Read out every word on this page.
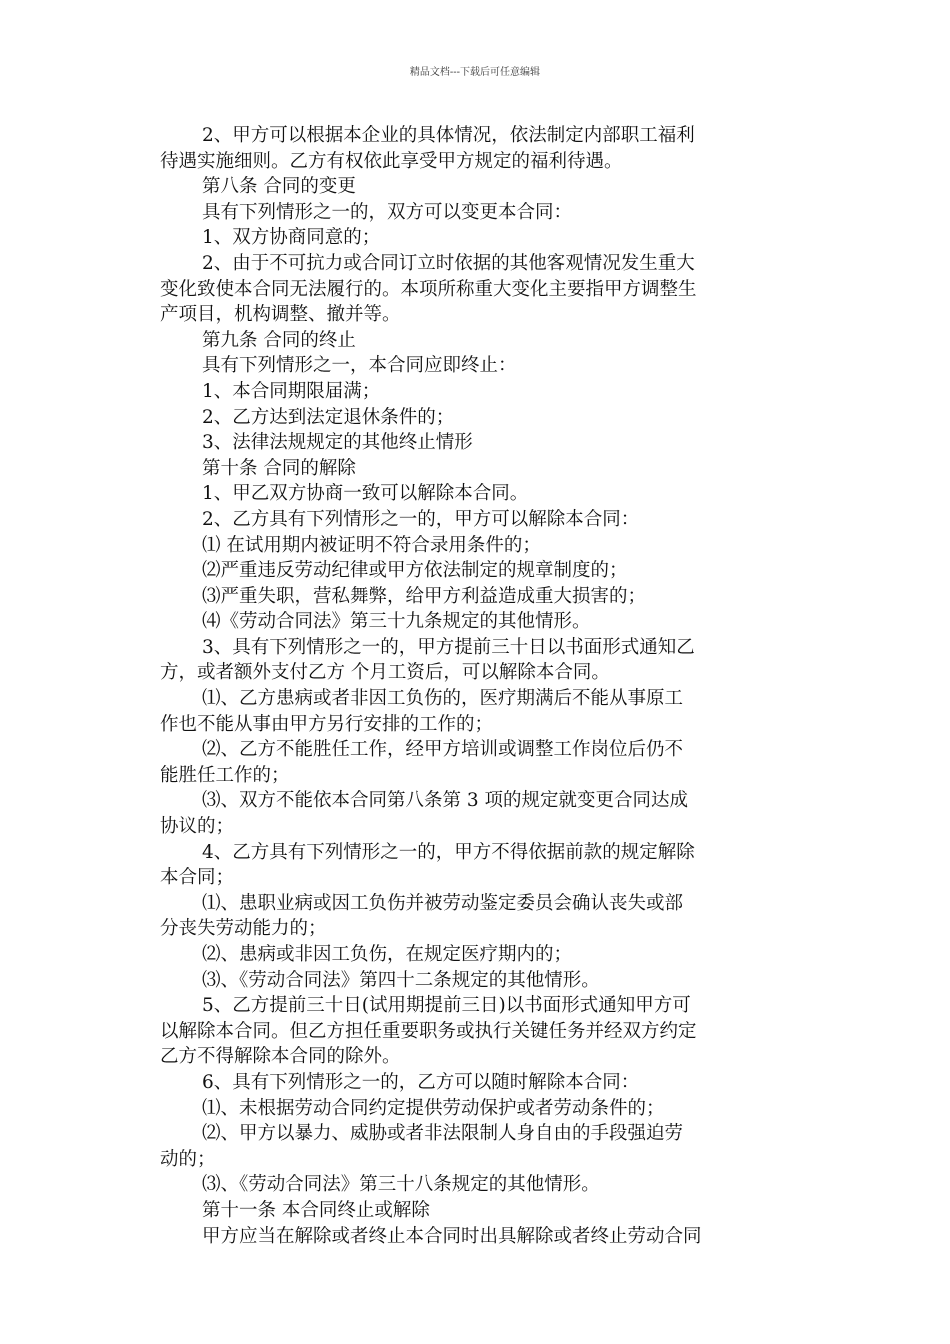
精品文档---下载后可任意编辑
2、甲方可以根据本企业的具体情况，依法制定内部职工福利
待遇实施细则。乙方有权依此享受甲方规定的福利待遇。
第八条 合同的变更
具有下列情形之一的，双方可以变更本合同：
1、双方协商同意的；
2、由于不可抗力或合同订立时依据的其他客观情况发生重大
变化致使本合同无法履行的。本项所称重大变化主要指甲方调整生
产项目，机构调整、撤并等。
第九条 合同的终止
具有下列情形之一，本合同应即终止：
1、本合同期限届满；
2、乙方达到法定退休条件的；
3、法律法规规定的其他终止情形
第十条 合同的解除
1、甲乙双方协商一致可以解除本合同。
2、乙方具有下列情形之一的，甲方可以解除本合同：
⑴ 在试用期内被证明不符合录用条件的；
⑵严重违反劳动纪律或甲方依法制定的规章制度的；
⑶严重失职，营私舞弊，给甲方利益造成重大损害的；
⑷《劳动合同法》第三十九条规定的其他情形。
3、具有下列情形之一的，甲方提前三十日以书面形式通知乙
方，或者额外支付乙方 个月工资后，可以解除本合同。
⑴、乙方患病或者非因工负伤的，医疗期满后不能从事原工
作也不能从事由甲方另行安排的工作的；
⑵、乙方不能胜任工作，经甲方培训或调整工作岗位后仍不
能胜任工作的；
⑶、双方不能依本合同第八条第 3 项的规定就变更合同达成
协议的；
4、乙方具有下列情形之一的，甲方不得依据前款的规定解除
本合同；
⑴、患职业病或因工负伤并被劳动鉴定委员会确认丧失或部
分丧失劳动能力的；
⑵、患病或非因工负伤，在规定医疗期内的；
⑶、《劳动合同法》第四十二条规定的其他情形。
5、乙方提前三十日(试用期提前三日)以书面形式通知甲方可
以解除本合同。但乙方担任重要职务或执行关键任务并经双方约定
乙方不得解除本合同的除外。
6、具有下列情形之一的，乙方可以随时解除本合同：
⑴、未根据劳动合同约定提供劳动保护或者劳动条件的；
⑵、甲方以暴力、威胁或者非法限制人身自由的手段强迫劳
动的；
⑶、《劳动合同法》第三十八条规定的其他情形。
第十一条 本合同终止或解除
甲方应当在解除或者终止本合同时出具解除或者终止劳动合同
